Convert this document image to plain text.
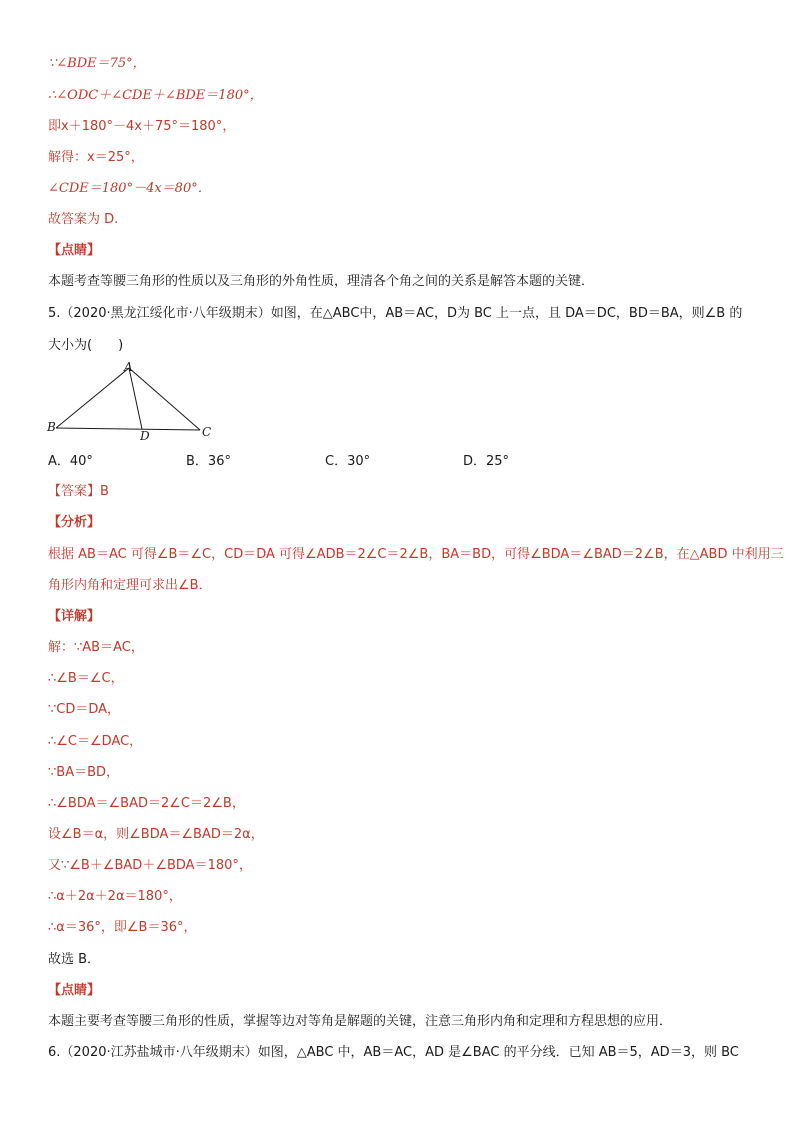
∵∠BDE＝75°，
∴∠ODC＋∠CDE＋∠BDE＝180°，
即x＋180°－4x＋75°＝180°，
解得：x＝25°，
∠CDE＝180°－4x＝80°．
故答案为 D.
【点睛】
本题考查等腰三角形的性质以及三角形的外角性质，理清各个角之间的关系是解答本题的关键．
5.（2020·黑龙江绥化市·八年级期末）如图，在△ABC中，AB＝AC，D为 BC 上一点，且 DA＝DC，BD＝BA，则∠B 的
大小为(　　)
A
B
D	C
A．40°	B．36°	C．30°	D．25°
【答案】B
【分析】
根据 AB＝AC 可得∠B＝∠C，CD＝DA 可得∠ADB＝2∠C＝2∠B，BA＝BD，可得∠BDA＝∠BAD＝2∠B，在△ABD 中利用三
角形内角和定理可求出∠B．
【详解】
解：∵AB＝AC，
∴∠B＝∠C，
∵CD＝DA，
∴∠C＝∠DAC，
∵BA＝BD，
∴∠BDA＝∠BAD＝2∠C＝2∠B，
设∠B＝α，则∠BDA＝∠BAD＝2α，
又∵∠B＋∠BAD＋∠BDA＝180°，
∴α＋2α＋2α＝180°，
∴α＝36°，即∠B＝36°，
故选 B．
【点睛】
本题主要考查等腰三角形的性质，掌握等边对等角是解题的关键，注意三角形内角和定理和方程思想的应用．
6.（2020·江苏盐城市·八年级期末）如图，△ABC 中，AB＝AC，AD 是∠BAC 的平分线．已知 AB＝5，AD＝3，则 BC
